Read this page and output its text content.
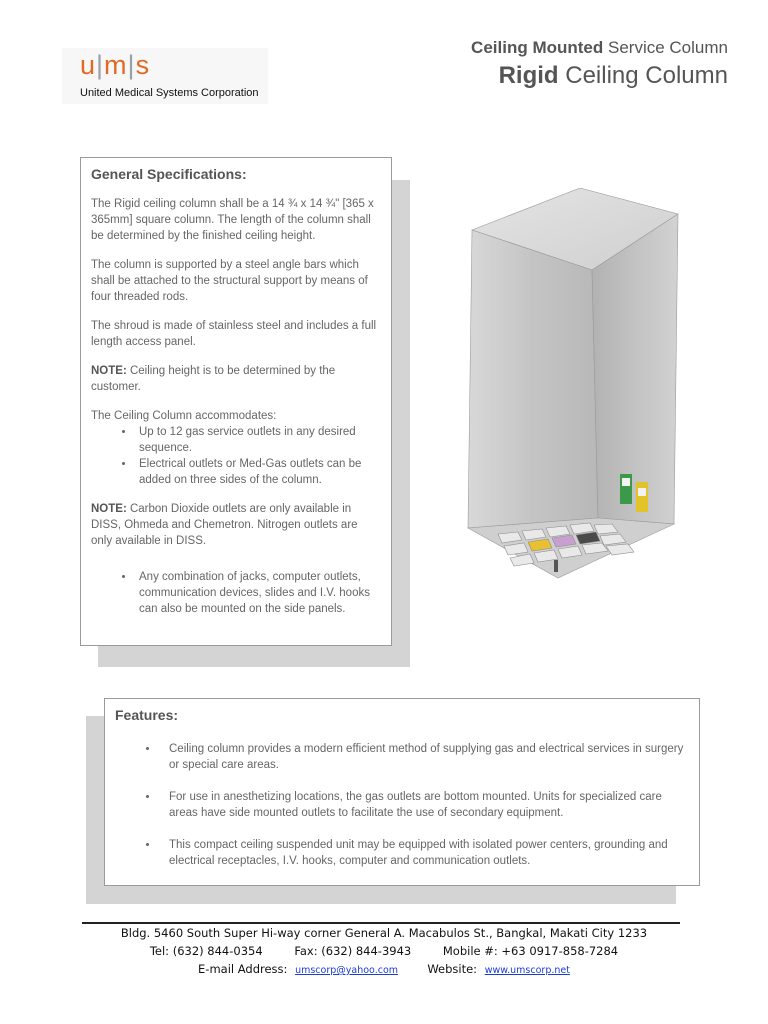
u|m|s
United Medical Systems Corporation
Ceiling Mounted Service Column
Rigid Ceiling Column
General Specifications:

The Rigid ceiling column shall be a 14 ¾ x 14 ¾" [365 x 365mm] square column. The length of the column shall be determined by the finished ceiling height.

The column is supported by a steel angle bars which shall be attached to the structural support by means of four threaded rods.

The shroud is made of stainless steel and includes a full length access panel.

NOTE: Ceiling height is to be determined by the customer.

The Ceiling Column accommodates:

• Up to 12 gas service outlets in any desired sequence.
• Electrical outlets or Med-Gas outlets can be added on three sides of the column.

NOTE: Carbon Dioxide outlets are only available in DISS, Ohmeda and Chemetron. Nitrogen outlets are only available in DISS.

• Any combination of jacks, computer outlets, communication devices, slides and I.V. hooks can also be mounted on the side panels.
Features:
• Ceiling column provides a modern efficient method of supplying gas and electrical services in surgery or special care areas.
• For use in anesthetizing locations, the gas outlets are bottom mounted. Units for specialized care areas have side mounted outlets to facilitate the use of secondary equipment.
• This compact ceiling suspended unit may be equipped with isolated power centers, grounding and electrical receptacles, I.V. hooks, computer and communication outlets.
Bldg. 5460 South Super Hi-way corner General A. Macabulos St., Bangkal, Makati City 1233
Tel: (632) 844-0354	Fax: (632) 844-3943	Mobile #: +63 0917-858-7284
E-mail Address: umscorp@yahoo.com	Website: www.umscorp.net
